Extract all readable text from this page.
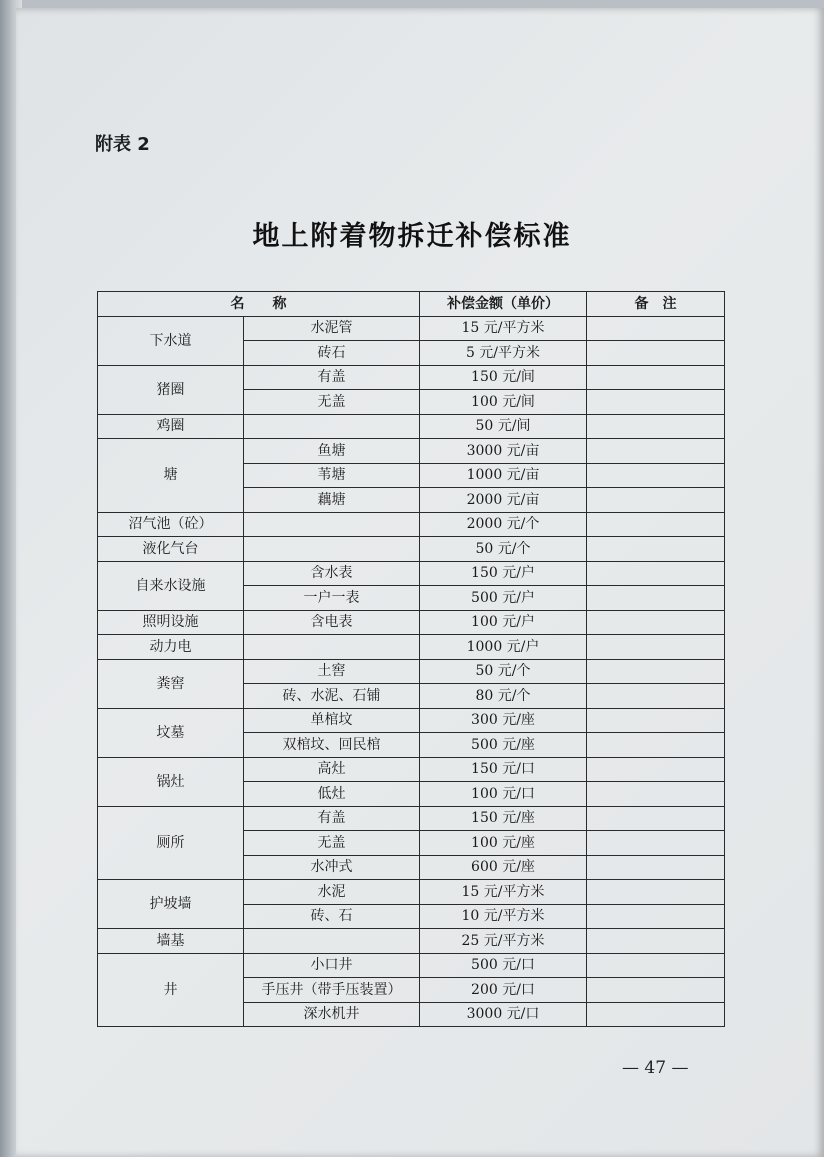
附表 2
地上附着物拆迁补偿标准
名　　称		补偿金额（单价）	备　注
下水道	水泥管	15 元/平方米	
	砖石	5 元/平方米	
猪圈	有盖	150 元/间	
	无盖	100 元/间	
鸡圈		50 元/间	
塘	鱼塘	3000 元/亩	
	苇塘	1000 元/亩	
	藕塘	2000 元/亩	
沼气池（砼）		2000 元/个	
液化气台		50 元/个	
自来水设施	含水表	150 元/户	
	一户一表	500 元/户	
照明设施	含电表	100 元/户	
动力电		1000 元/户	
粪窖	土窖	50 元/个	
	砖、水泥、石铺	80 元/个	
坟墓	单棺坟	300 元/座	
	双棺坟、回民棺	500 元/座	
锅灶	高灶	150 元/口	
	低灶	100 元/口	
厕所	有盖	150 元/座	
	无盖	100 元/座	
	水冲式	600 元/座	
护坡墙	水泥	15 元/平方米	
	砖、石	10 元/平方米	
墙基		25 元/平方米	
井	小口井	500 元/口	
	手压井（带手压装置）	200 元/口	
	深水机井	3000 元/口	
— 47 —
